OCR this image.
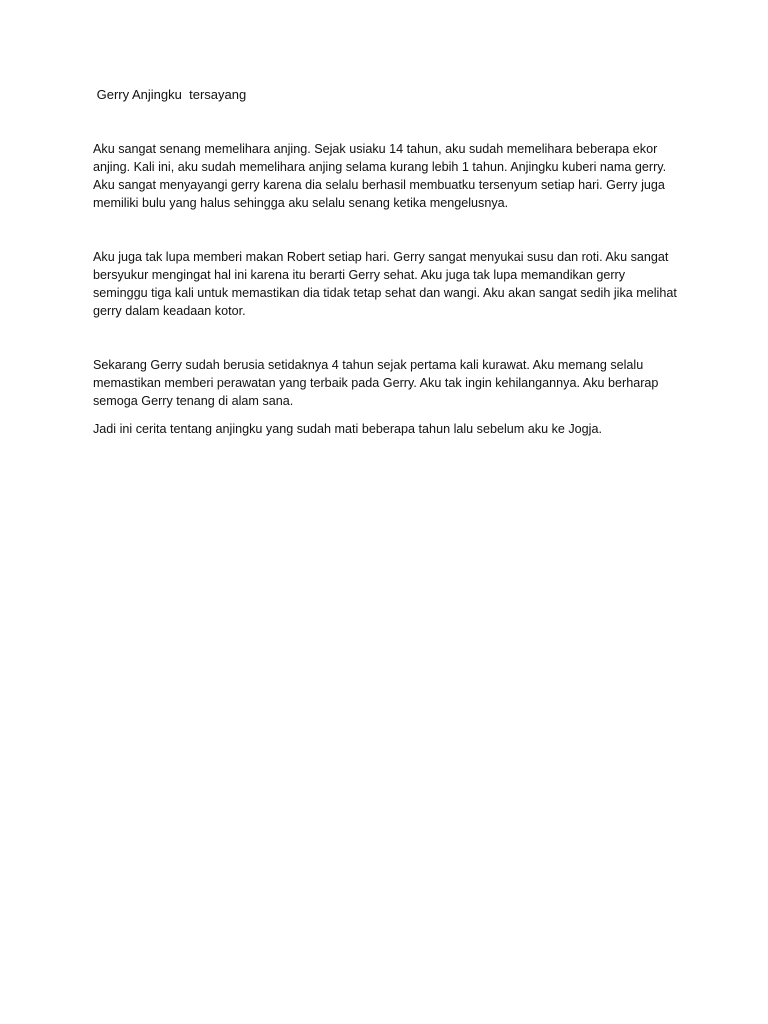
Gerry Anjingku  tersayang

Aku sangat senang memelihara anjing. Sejak usiaku 14 tahun, aku sudah memelihara beberapa ekor anjing. Kali ini, aku sudah memelihara anjing selama kurang lebih 1 tahun. Anjingku kuberi nama gerry. Aku sangat menyayangi gerry karena dia selalu berhasil membuatku tersenyum setiap hari. Gerry juga memiliki bulu yang halus sehingga aku selalu senang ketika mengelusnya.

Aku juga tak lupa memberi makan Robert setiap hari. Gerry sangat menyukai susu dan roti. Aku sangat bersyukur mengingat hal ini karena itu berarti Gerry sehat. Aku juga tak lupa memandikan gerry  seminggu tiga kali untuk memastikan dia tidak tetap sehat dan wangi. Aku akan sangat sedih jika melihat gerry dalam keadaan kotor.

Sekarang Gerry sudah berusia setidaknya 4 tahun sejak pertama kali kurawat. Aku memang selalu memastikan memberi perawatan yang terbaik pada Gerry. Aku tak ingin kehilangannya. Aku berharap semoga Gerry tenang di alam sana.

Jadi ini cerita tentang anjingku yang sudah mati beberapa tahun lalu sebelum aku ke Jogja.
